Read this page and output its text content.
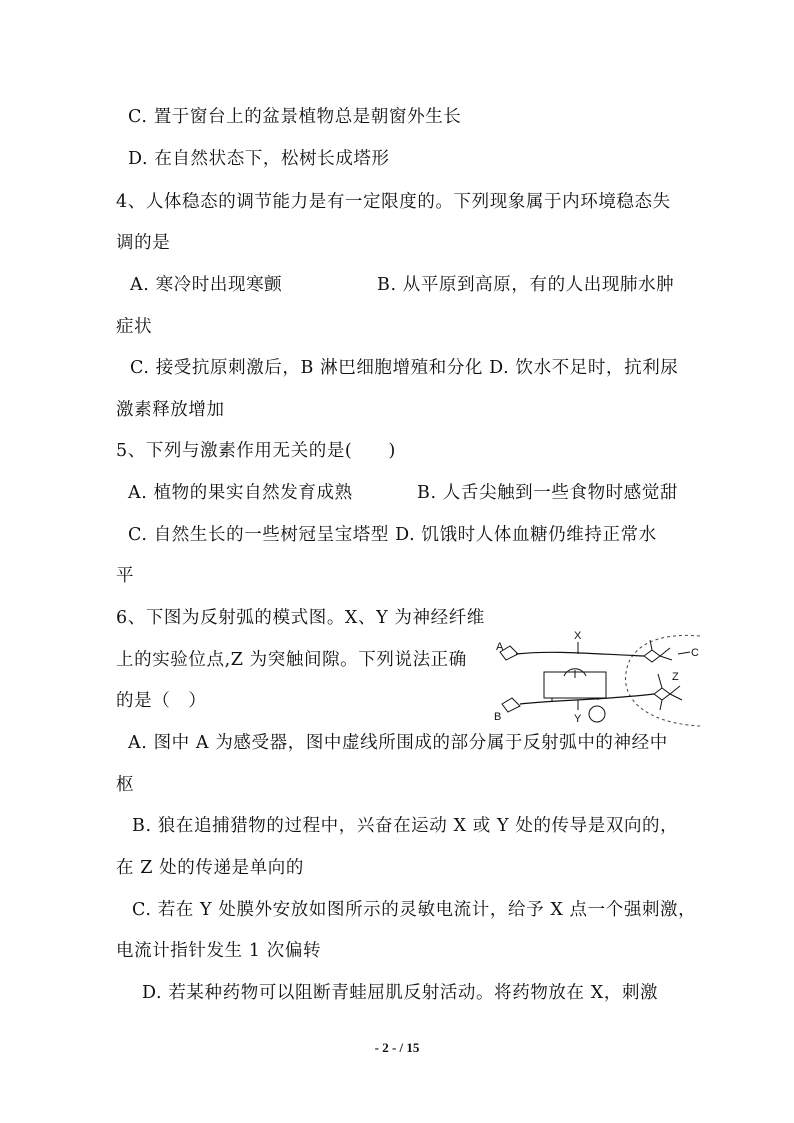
C. 置于窗台上的盆景植物总是朝窗外生长
D. 在自然状态下，松树长成塔形
4、人体稳态的调节能力是有一定限度的。下列现象属于内环境稳态失
调的是
A. 寒冷时出现寒颤	B. 从平原到高原，有的人出现肺水肿
症状
C. 接受抗原刺激后，B 淋巴细胞增殖和分化 D. 饮水不足时，抗利尿
激素释放增加
5、下列与激素作用无关的是(　　)
A. 植物的果实自然发育成熟	B. 人舌尖触到一些食物时感觉甜
C. 自然生长的一些树冠呈宝塔型 D. 饥饿时人体血糖仍维持正常水
平
6、下图为反射弧的模式图。X、Y 为神经纤维
上的实验位点,Z 为突触间隙。下列说法正确
的是（　）
A
B
X
Y
Z
C
A. 图中 A 为感受器，图中虚线所围成的部分属于反射弧中的神经中
枢
B. 狼在追捕猎物的过程中，兴奋在运动 X 或 Y 处的传导是双向的，
在 Z 处的传递是单向的
C. 若在 Y 处膜外安放如图所示的灵敏电流计，给予 X 点一个强刺激，
电流计指针发生 1 次偏转
D. 若某种药物可以阻断青蛙屈肌反射活动。将药物放在 X，刺激
- 2 - / 15
